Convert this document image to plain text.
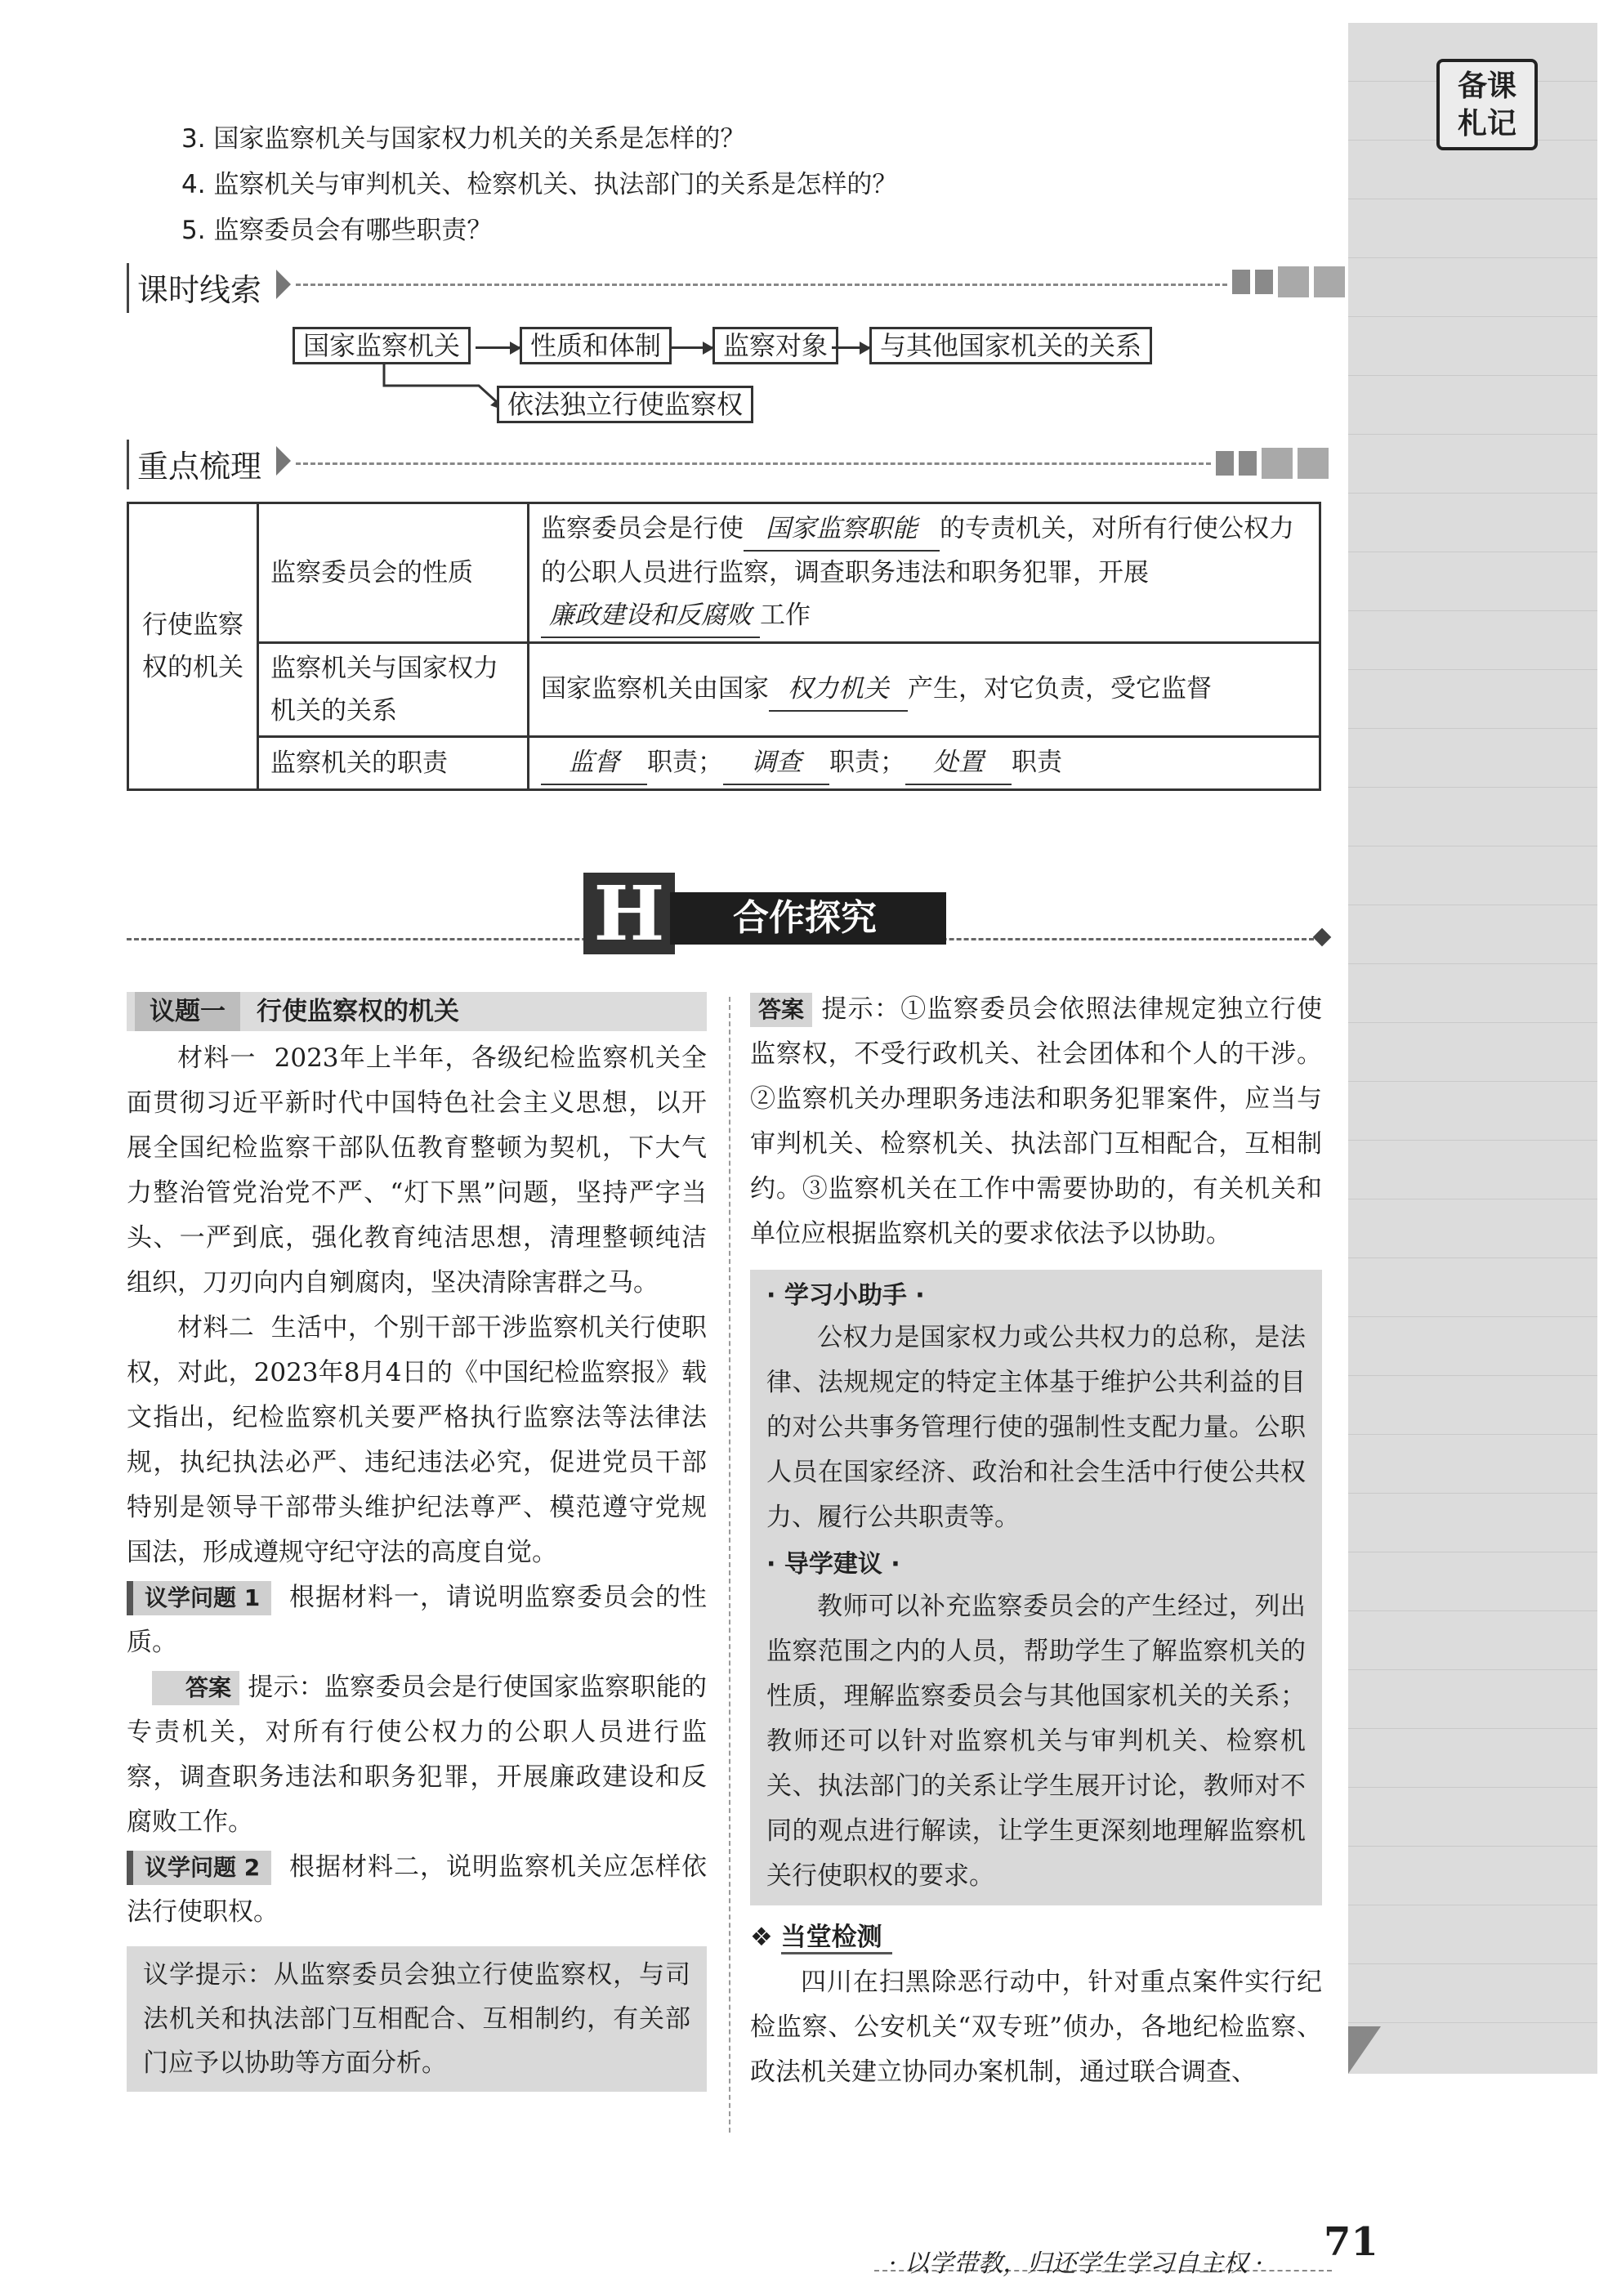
备课
札记
3. 国家监察机关与国家权力机关的关系是怎样的？
4. 监察机关与审判机关、检察机关、执法部门的关系是怎样的？
5. 监察委员会有哪些职责？
课时线索
国家监察机关	性质和体制	监察对象	与其他国家机关的关系
依法独立行使监察权
重点梳理
行使监察权的机关	监察委员会的性质	监察委员会是行使 国家监察职能 的专责机关，对所有行使公权力的公职人员进行监察，调查职务违法和职务犯罪，开展廉政建设和反腐败 工作
	监察机关与国家权力机关的关系	国家监察机关由国家 权力机关 产生，对它负责，受它监督
	监察机关的职责	监督 职责； 调查 职责； 处置 职责
H	合作探究
议题一 行使监察权的机关
材料一 2023年上半年，各级纪检监察机关全面贯彻习近平新时代中国特色社会主义思想，以开展全国纪检监察干部队伍教育整顿为契机，下大气力整治管党治党不严、“灯下黑”问题，坚持严字当头、一严到底，强化教育纯洁思想，清理整顿纯洁组织，刀刃向内自剜腐肉，坚决清除害群之马。
材料二 生活中，个别干部干涉监察机关行使职权，对此，2023年8月4日的《中国纪检监察报》载文指出，纪检监察机关要严格执行监察法等法律法规，执纪执法必严、违纪违法必究，促进党员干部特别是领导干部带头维护纪法尊严、模范遵守党规国法，形成遵规守纪守法的高度自觉。
议学问题 1 根据材料一，请说明监察委员会的性质。
答案 提示：监察委员会是行使国家监察职能的专责机关，对所有行使公权力的公职人员进行监察，调查职务违法和职务犯罪，开展廉政建设和反腐败工作。
议学问题 2 根据材料二，说明监察机关应怎样依法行使职权。
议学提示：从监察委员会独立行使监察权，与司法机关和执法部门互相配合、互相制约，有关部门应予以协助等方面分析。
答案 提示：①监察委员会依照法律规定独立行使监察权，不受行政机关、社会团体和个人的干涉。②监察机关办理职务违法和职务犯罪案件，应当与审判机关、检察机关、执法部门互相配合，互相制约。③监察机关在工作中需要协助的，有关机关和单位应根据监察机关的要求依法予以协助。
· 学习小助手 ·
公权力是国家权力或公共权力的总称，是法律、法规规定的特定主体基于维护公共利益的目的对公共事务管理行使的强制性支配力量。公职人员在国家经济、政治和社会生活中行使公共权力、履行公共职责等。
· 导学建议 ·
教师可以补充监察委员会的产生经过，列出监察范围之内的人员，帮助学生了解监察机关的性质，理解监察委员会与其他国家机关的关系；教师还可以针对监察机关与审判机关、检察机关、执法部门的关系让学生展开讨论，教师对不同的观点进行解读，让学生更深刻地理解监察机关行使职权的要求。
❖ 当堂检测
四川在扫黑除恶行动中，针对重点案件实行纪检监察、公安机关“双专班”侦办，各地纪检监察、政法机关建立协同办案机制，通过联合调查、
· 以学带教，归还学生学习自主权 · 71
